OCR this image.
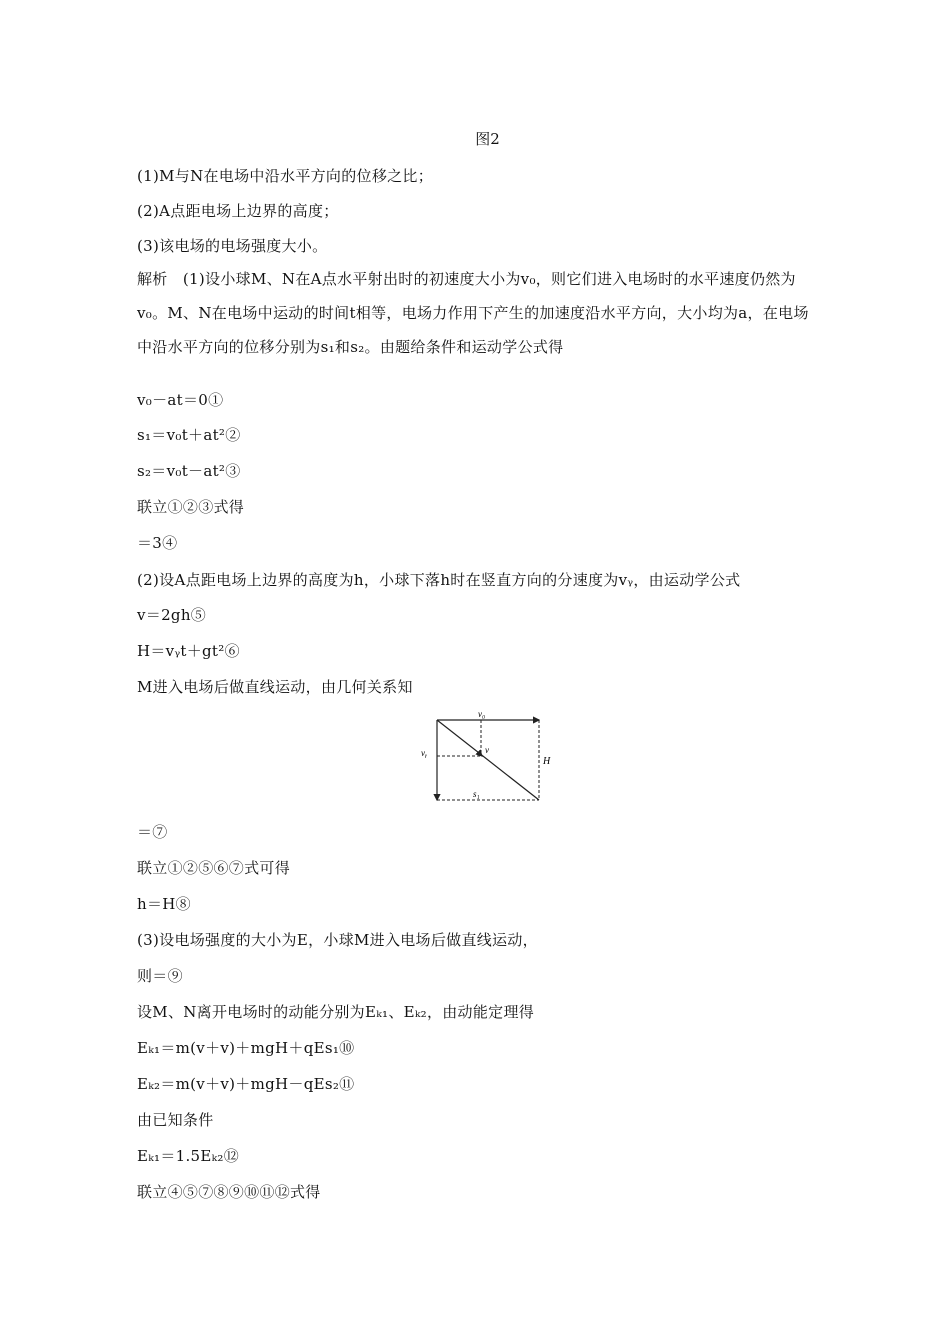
图2
(1)M与N在电场中沿水平方向的位移之比；
(2)A点距电场上边界的高度；
(3)该电场的电场强度大小。
解析　(1)设小球M、N在A点水平射出时的初速度大小为v₀，则它们进入电场时的水平速度仍然为v₀。M、N在电场中运动的时间t相等，电场力作用下产生的加速度沿水平方向，大小均为a，在电场中沿水平方向的位移分别为s₁和s₂。由题给条件和运动学公式得
v₀－at＝0①
s₁＝v₀t＋at²②
s₂＝v₀t－at²③
联立①②③式得
＝3④
(2)设A点距电场上边界的高度为h，小球下落h时在竖直方向的分速度为vᵧ，由运动学公式
v＝2gh⑤
H＝vᵧt＋gt²⑥
M进入电场后做直线运动，由几何关系知
v₀
vᵧ	v
H
s₁
＝⑦
联立①②⑤⑥⑦式可得
h＝H⑧
(3)设电场强度的大小为E，小球M进入电场后做直线运动，
则＝⑨
设M、N离开电场时的动能分别为Eₖ₁、Eₖ₂，由动能定理得
Eₖ₁＝m(v＋v)＋mgH＋qEs₁⑩
Eₖ₂＝m(v＋v)＋mgH－qEs₂⑪
由已知条件
Eₖ₁＝1.5Eₖ₂⑫
联立④⑤⑦⑧⑨⑩⑪⑫式得
